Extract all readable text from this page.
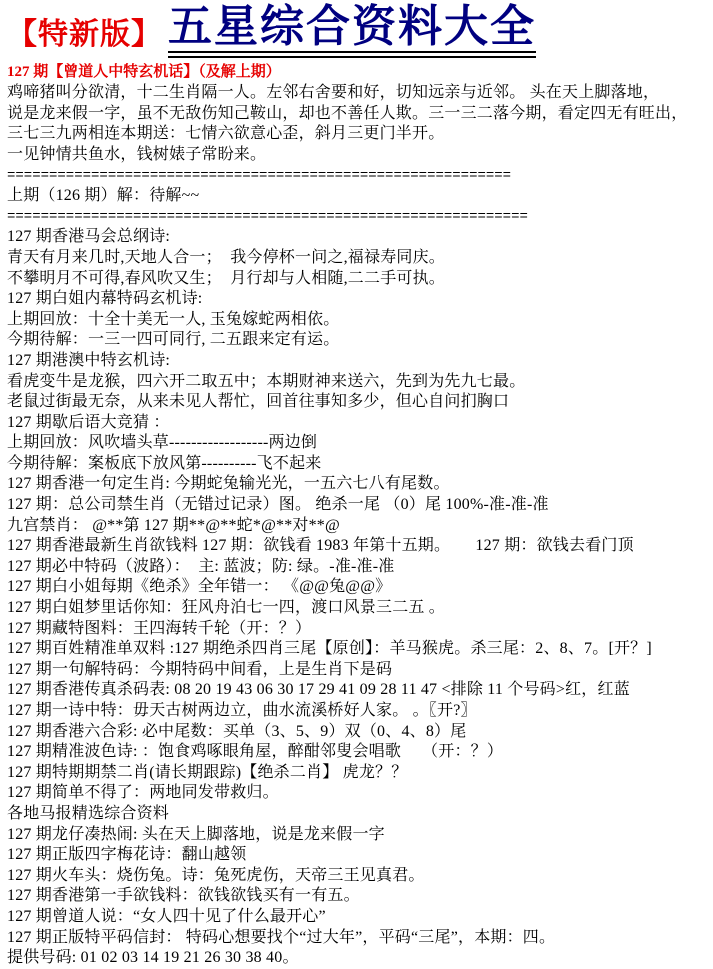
【特新版】 五星综合资料大全
127 期【曾道人中特玄机话】（及解上期）
鸡啼猪叫分欲清，十二生肖隔一人。左邻右舍要和好，切知远亲与近邻。 头在天上脚落地，
说是龙来假一字，虽不无敌伤知己鞍山，却也不善任人欺。三一三二落今期，看定四无有旺出，
三七三九两相连本期送：七情六欲意心歪，斜月三更门半开。
一见钟情共鱼水，钱树婊子常盼来。
============================================================
上期（126 期）解：待解~~
==============================================================
127 期香港马会总纲诗:
青天有月来几时,天地人合一；  我今停杯一问之,福禄寿同庆。
不攀明月不可得,春风吹又生；  月行却与人相随,二二手可执。
127 期白姐内幕特码玄机诗:
上期回放：十全十美无一人, 玉兔嫁蛇两相依。
今期待解：一三一四可同行, 二五跟来定有运。
127 期港澳中特玄机诗:
看虎变牛是龙猴，四六开二取五中；本期财神来送六，先到为先九七最。
老鼠过街最无奈，从来未见人帮忙，回首往事知多少，但心自问扪胸口
127 期歇后语大竞猜 ：
上期回放：风吹墙头草------------------两边倒
今期待解：案板底下放风第----------飞不起来
127 期香港一句定生肖: 今期蛇兔输光光，一五六七八有尾数。
127 期：总公司禁生肖（无错过记录）图。 绝杀一尾 （0）尾 100%-准-准-准
九宫禁肖： @**第 127 期**@**蛇*@**对**@
127 期香港最新生肖欲钱料 127 期：欲钱看 1983 年第十五期。      127 期：欲钱去看门顶
127 期必中特码（波路）：  主: 蓝波；防: 绿。-准-准-准
127 期白小姐每期《绝杀》全年错一： 《@@兔@@》
127 期白姐梦里话你知：狂风舟泊七一四，渡口风景三二五 。
127 期藏特图料：王四海转千轮（开：？）
127 期百姓精准单双料 :127 期绝杀四肖三尾【原创】：羊马猴虎。杀三尾：2、8、7。[开？]
127 期一句解特码：今期特码中间看，上是生肖下是码
127 期香港传真杀码表: 08 20 19 43 06 30 17 29 41 09 28 11 47 <排除 11 个号码>红，红蓝
127 期一诗中特：毋天古树两边立，曲水流溪桥好人家。 。〖开?〗
127 期香港六合彩: 必中尾数：买单（3、5、9）双（0、4、8）尾
127 期精准波色诗: ：饱食鸡啄眼角屋，醉酣邻叟会唱歌     （开：？）
127 期特期期禁二肖(请长期跟踪)【绝杀二肖】 虎龙？？
127 期简单不得了：两地同发带救归。
各地马报精选综合资料
127 期龙仔凑热闹: 头在天上脚落地，说是龙来假一字
127 期正版四字梅花诗：翻山越领
127 期火车头：烧伤兔。诗：兔死虎伤，天帝三王见真君。
127 期香港第一手欲钱料：欲钱欲钱买有一有五。
127 期曾道人说：“女人四十见了什么最开心”
127 期正版特平码信封： 特码心想要找个“过大年”，平码“三尾”，本期：四。
提供号码: 01 02 03 14 19 21 26 30 38 40。
